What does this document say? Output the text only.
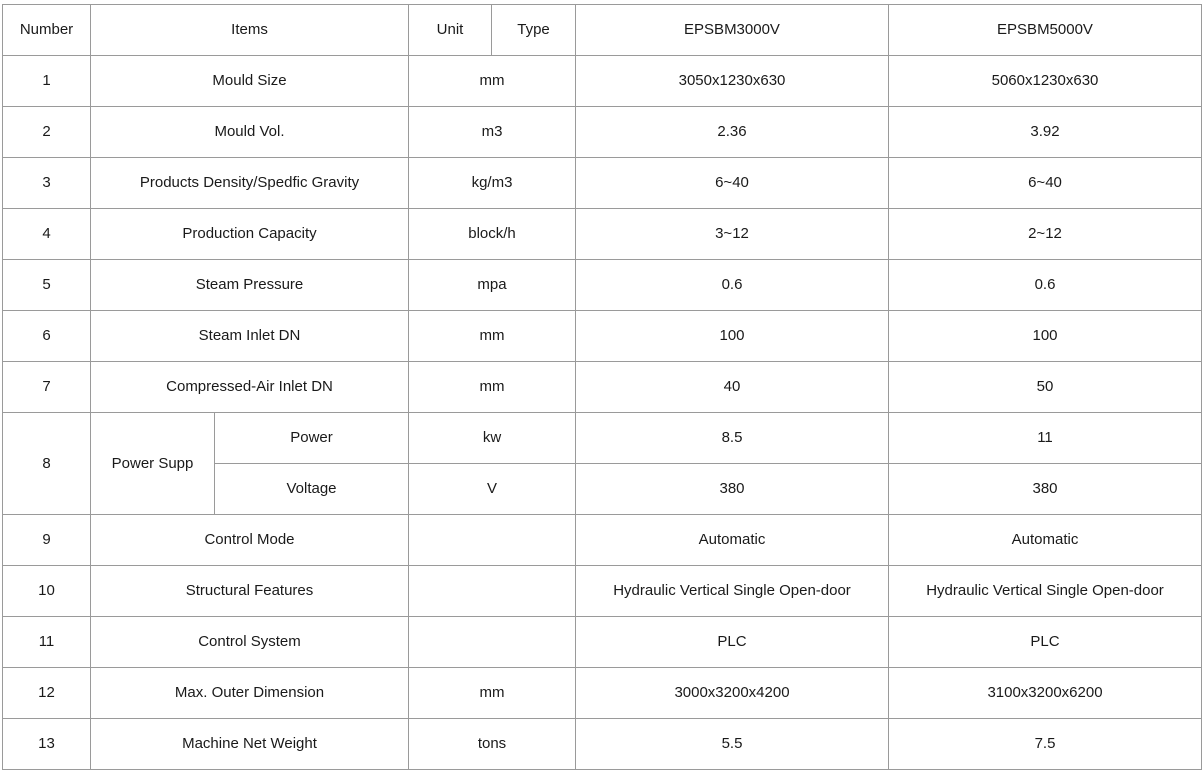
Number	Items		Unit	Type	EPSBM3000V	EPSBM5000V
1	Mould Size		mm		3050x1230x630	5060x1230x630
2	Mould Vol.		m3		2.36	3.92
3	Products Density/Spedfic Gravity		kg/m3		6~40	6~40
4	Production Capacity		block/h		3~12	2~12
5	Steam Pressure		mpa		0.6	0.6
6	Steam Inlet DN		mm		100	100
7	Compressed-Air Inlet DN		mm		40	50
8	Power Supp	Power	kw		8.5	11
		Voltage	V		380	380
9	Control Mode				Automatic	Automatic
10	Structural Features				Hydraulic Vertical Single Open-door	Hydraulic Vertical Single Open-door
11	Control System				PLC	PLC
12	Max. Outer Dimension		mm		3000x3200x4200	3100x3200x6200
13	Machine Net Weight		tons		5.5	7.5
